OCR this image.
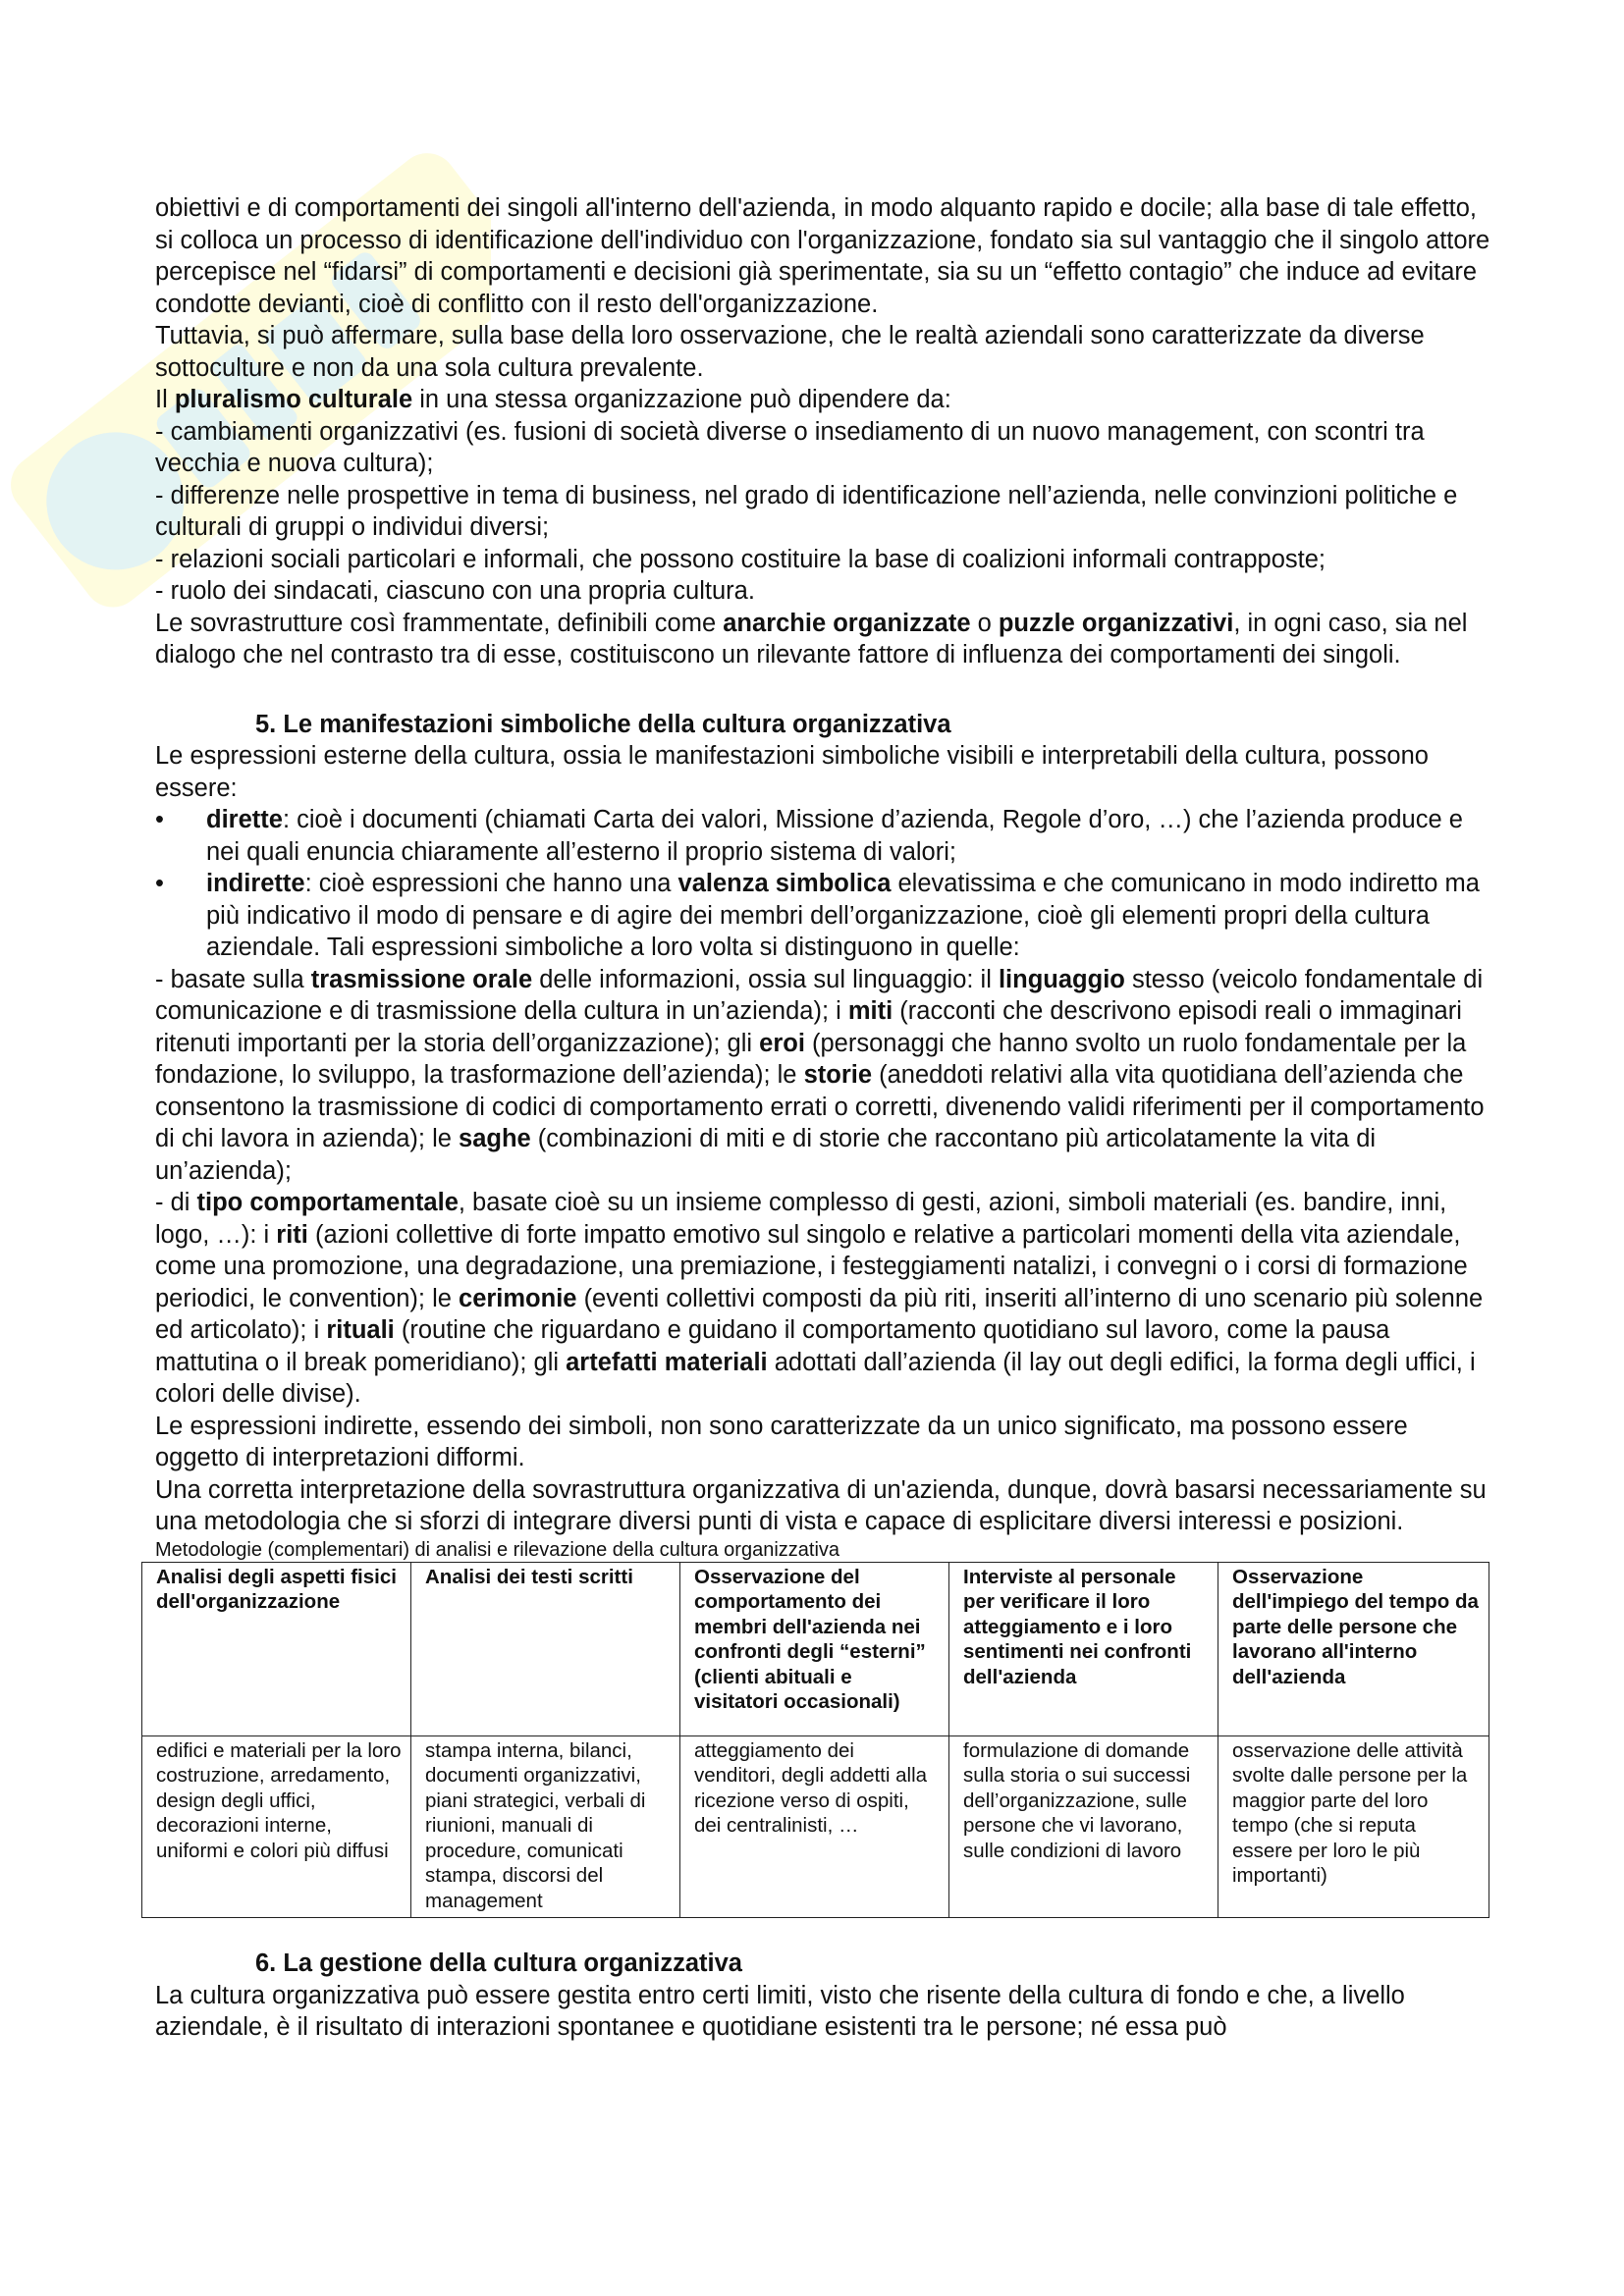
obiettivi e di comportamenti dei singoli all'interno dell'azienda, in modo alquanto rapido e docile; alla base di tale effetto, si colloca un processo di identificazione dell'individuo con l'organizzazione, fondato sia sul vantaggio che il singolo attore percepisce nel “fidarsi” di comportamenti e decisioni già sperimentate, sia su un “effetto contagio” che induce ad evitare condotte devianti, cioè di conflitto con il resto dell'organizzazione.

Tuttavia, si può affermare, sulla base della loro osservazione, che le realtà aziendali sono caratterizzate da diverse sottoculture e non da una sola cultura prevalente.

Il pluralismo culturale in una stessa organizzazione può dipendere da:

- cambiamenti organizzativi (es. fusioni di società diverse o insediamento di un nuovo management, con scontri tra vecchia e nuova cultura);

- differenze nelle prospettive in tema di business, nel grado di identificazione nell’azienda, nelle convinzioni politiche e culturali di gruppi o individui diversi;

- relazioni sociali particolari e informali, che possono costituire la base di coalizioni informali contrapposte;

- ruolo dei sindacati, ciascuno con una propria cultura.

Le sovrastrutture così frammentate, definibili come anarchie organizzate o puzzle organizzativi, in ogni caso, sia nel dialogo che nel contrasto tra di esse, costituiscono un rilevante fattore di influenza dei comportamenti dei singoli.

5. Le manifestazioni simboliche della cultura organizzativa

Le espressioni esterne della cultura, ossia le manifestazioni simboliche visibili e interpretabili della cultura, possono essere:

• dirette: cioè i documenti (chiamati Carta dei valori, Missione d’azienda, Regole d’oro, …) che l’azienda produce e nei quali enuncia chiaramente all’esterno il proprio sistema di valori;

• indirette: cioè espressioni che hanno una valenza simbolica elevatissima e che comunicano in modo indiretto ma più indicativo il modo di pensare e di agire dei membri dell’organizzazione, cioè gli elementi propri della cultura aziendale. Tali espressioni simboliche a loro volta si distinguono in quelle:

- basate sulla trasmissione orale delle informazioni, ossia sul linguaggio: il linguaggio stesso (veicolo fondamentale di comunicazione e di trasmissione della cultura in un’azienda); i miti (racconti che descrivono episodi reali o immaginari ritenuti importanti per la storia dell’organizzazione); gli eroi (personaggi che hanno svolto un ruolo fondamentale per la fondazione, lo sviluppo, la trasformazione dell’azienda); le storie (aneddoti relativi alla vita quotidiana dell’azienda che consentono la trasmissione di codici di comportamento errati o corretti, divenendo validi riferimenti per il comportamento di chi lavora in azienda); le saghe (combinazioni di miti e di storie che raccontano più articolatamente la vita di un’azienda);

- di tipo comportamentale, basate cioè su un insieme complesso di gesti, azioni, simboli materiali (es. bandire, inni, logo, …): i riti (azioni collettive di forte impatto emotivo sul singolo e relative a particolari momenti della vita aziendale, come una promozione, una degradazione, una premiazione, i festeggiamenti natalizi, i convegni o i corsi di formazione periodici, le convention); le cerimonie (eventi collettivi composti da più riti, inseriti all’interno di uno scenario più solenne ed articolato); i rituali (routine che riguardano e guidano il comportamento quotidiano sul lavoro, come la pausa mattutina o il break pomeridiano); gli artefatti materiali adottati dall’azienda (il lay out degli edifici, la forma degli uffici, i colori delle divise).

Le espressioni indirette, essendo dei simboli, non sono caratterizzate da un unico significato, ma possono essere oggetto di interpretazioni difformi.

Una corretta interpretazione della sovrastruttura organizzativa di un'azienda, dunque, dovrà basarsi necessariamente su una metodologia che si sforzi di integrare diversi punti di vista e capace di esplicitare diversi interessi e posizioni.

Metodologie (complementari) di analisi e rilevazione della cultura organizzativa

Analisi degli aspetti fisici dell'organizzazione	Analisi dei testi scritti	Osservazione del comportamento dei membri dell'azienda nei confronti degli “esterni” (clienti abituali e visitatori occasionali)	Interviste al personale per verificare il loro atteggiamento e i loro sentimenti nei confronti dell'azienda	Osservazione dell'impiego del tempo da parte delle persone che lavorano all'interno dell'azienda
edifici e materiali per la loro costruzione, arredamento, design degli uffici, decorazioni interne, uniformi e colori più diffusi	stampa interna, bilanci, documenti organizzativi, piani strategici, verbali di riunioni, manuali di procedure, comunicati stampa, discorsi del management	atteggiamento dei venditori, degli addetti alla ricezione verso di ospiti, dei centralinisti, …	formulazione di domande sulla storia o sui successi dell’organizzazione, sulle persone che vi lavorano, sulle condizioni di lavoro	osservazione delle attività svolte dalle persone per la maggior parte del loro tempo (che si reputa essere per loro le più importanti)
6. La gestione della cultura organizzativa

La cultura organizzativa può essere gestita entro certi limiti, visto che risente della cultura di fondo e che, a livello aziendale, è il risultato di interazioni spontanee e quotidiane esistenti tra le persone; né essa può
